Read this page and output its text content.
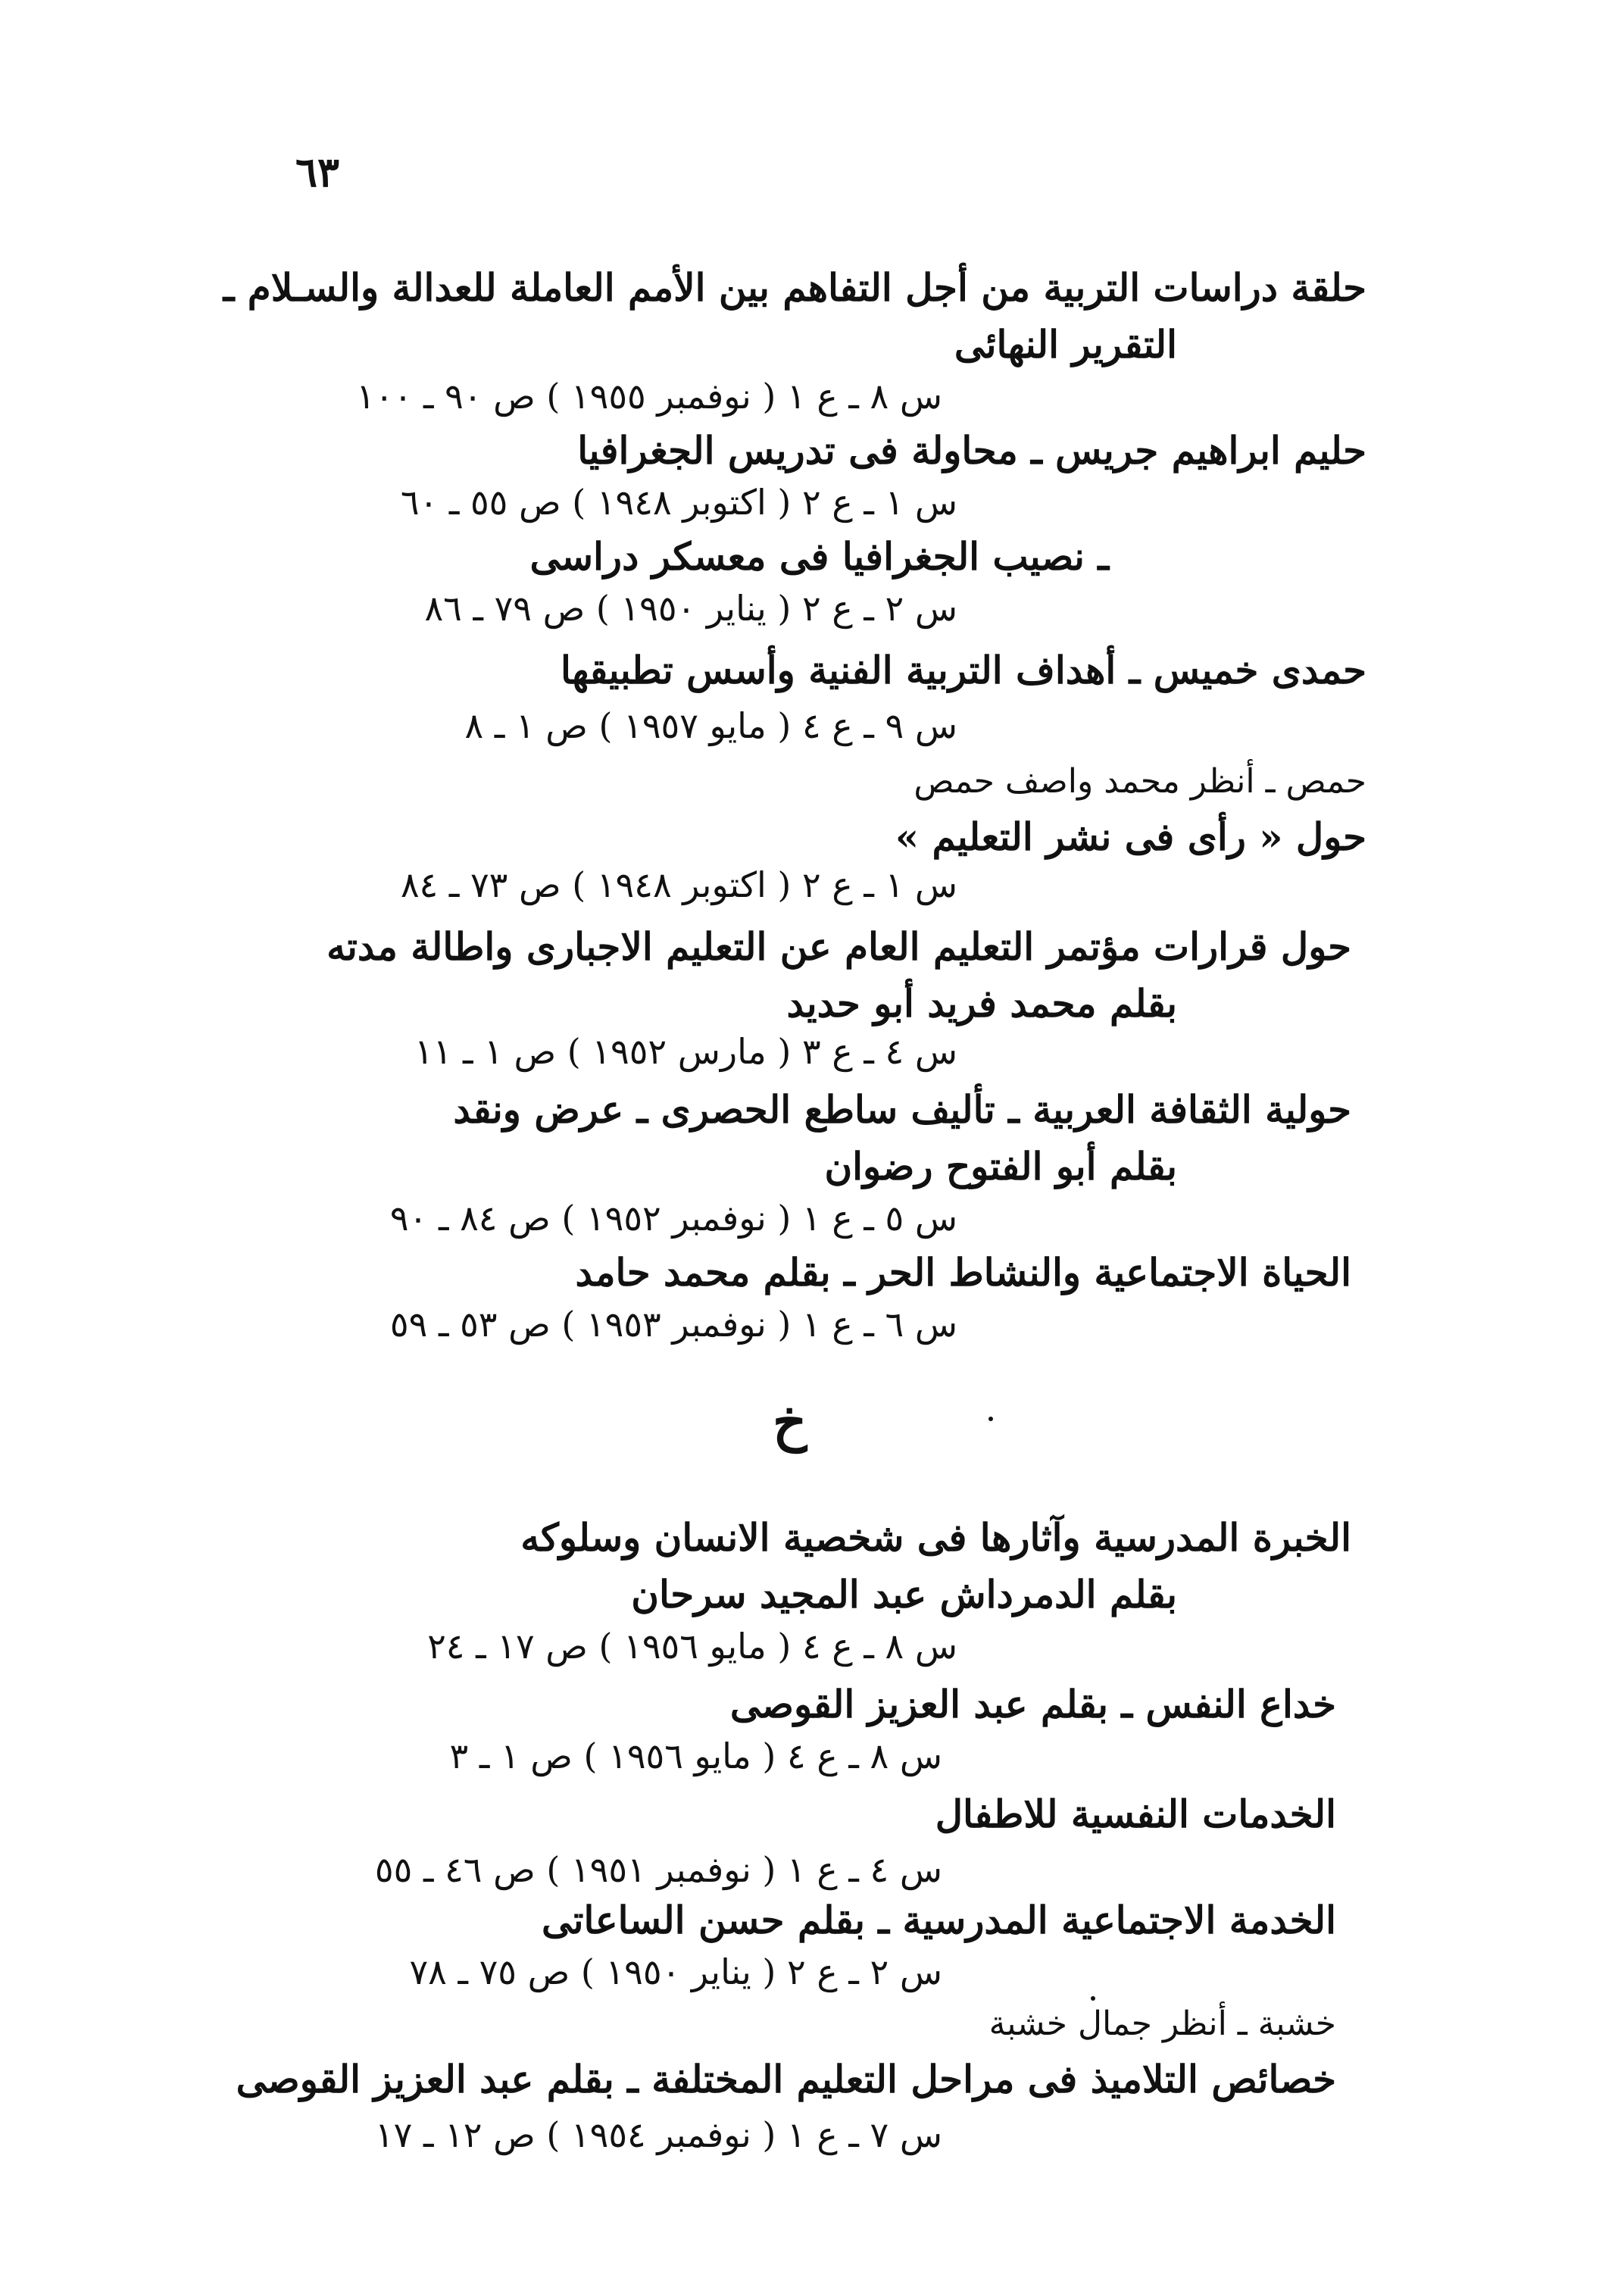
٦٣
حلقة دراسات التربية من أجل التفاهم بين الأمم العاملة للعدالة والسـلام ـ
التقرير النهائى
س ٨ ـ ع ١ ( نوفمبر ١٩٥٥ ) ص ٩٠ ـ ١٠٠
حليم ابراهيم جريس ـ محاولة فى تدريس الجغرافيا
س ١ ـ ع ٢ ( اكتوبر ١٩٤٨ ) ص ٥٥ ـ ٦٠
ـ نصيب الجغرافيا فى معسكر دراسى
س ٢ ـ ع ٢ ( يناير ١٩٥٠ ) ص ٧٩ ـ ٨٦
حمدى خميس ـ أهداف التربية الفنية وأسس تطبيقها
س ٩ ـ ع ٤ ( مايو ١٩٥٧ ) ص ١ ـ ٨
حمص ـ أنظر محمد واصف حمص
حول « رأى فى نشر التعليم »
س ١ ـ ع ٢ ( اكتوبر ١٩٤٨ ) ص ٧٣ ـ ٨٤
حول قرارات مؤتمر التعليم العام عن التعليم الاجبارى واطالة مدته
بقلم محمد فريد أبو حديد
س ٤ ـ ع ٣ ( مارس ١٩٥٢ ) ص ١ ـ ١١
حولية الثقافة العربية ـ تأليف ساطع الحصرى ـ عرض ونقد
بقلم أبو الفتوح رضوان
س ٥ ـ ع ١ ( نوفمبر ١٩٥٢ ) ص ٨٤ ـ ٩٠
الحياة الاجتماعية والنشاط الحر ـ بقلم محمد حامد
س ٦ ـ ع ١ ( نوفمبر ١٩٥٣ ) ص ٥٣ ـ ٥٩
الخبرة المدرسية وآثارها فى شخصية الانسان وسلوكه
بقلم الدمرداش عبد المجيد سرحان
س ٨ ـ ع ٤ ( مايو ١٩٥٦ ) ص ١٧ ـ ٢٤
خداع النفس ـ بقلم عبد العزيز القوصى
س ٨ ـ ع ٤ ( مايو ١٩٥٦ ) ص ١ ـ ٣
الخدمات النفسية للاطفال
س ٤ ـ ع ١ ( نوفمبر ١٩٥١ ) ص ٤٦ ـ ٥٥
الخدمة الاجتماعية المدرسية ـ بقلم حسن الساعاتى
س ٢ ـ ع ٢ ( يناير ١٩٥٠ ) ص ٧٥ ـ ٧٨
خشبة ـ أنظر جمال خشبة
خصائص التلاميذ فى مراحل التعليم المختلفة ـ بقلم عبد العزيز القوصى
س ٧ ـ ع ١ ( نوفمبر ١٩٥٤ ) ص ١٢ ـ ١٧
خ
